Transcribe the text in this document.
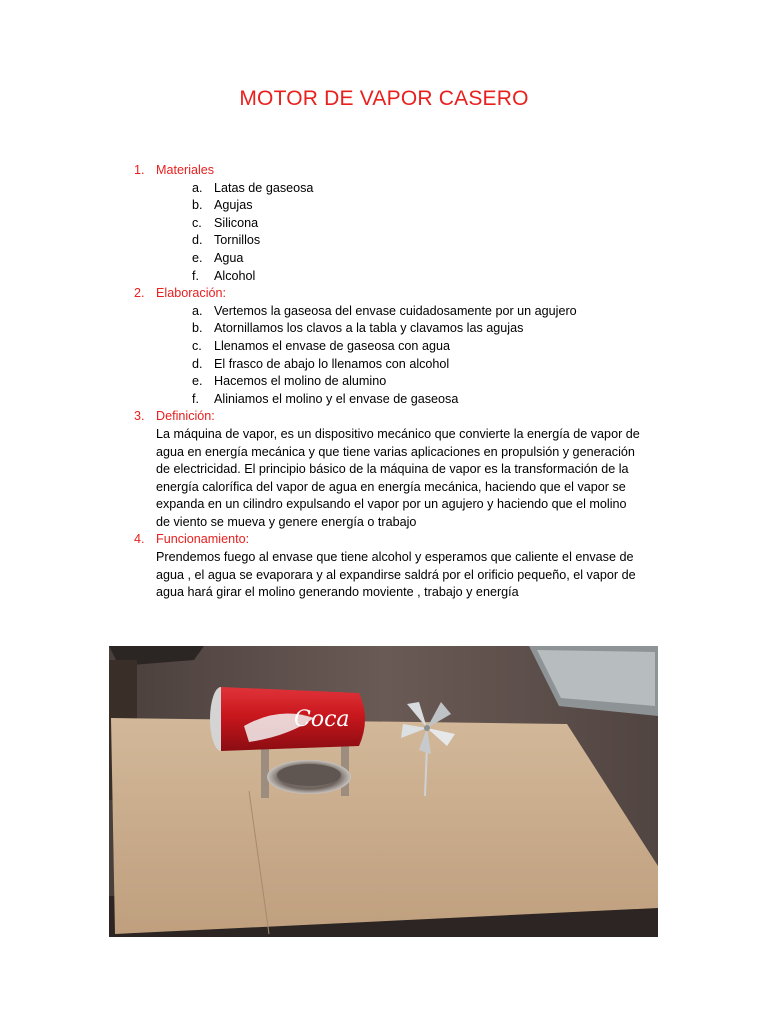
MOTOR DE VAPOR CASERO
1. Materiales
a. Latas de gaseosa
b. Agujas
c. Silicona
d. Tornillos
e. Agua
f.	Alcohol
2. Elaboración:
a. Vertemos la gaseosa del envase cuidadosamente por un agujero
b. Atornillamos los clavos a la tabla y clavamos las agujas
c. Llenamos el envase de gaseosa con agua
d. El frasco de abajo lo llenamos con alcohol
e. Hacemos el molino de alumino
f.	Aliniamos el molino y el envase de gaseosa
3. Definición:
La máquina de vapor, es un dispositivo mecánico que convierte la energía de vapor de
agua en energía mecánica y que tiene varias aplicaciones en propulsión y generación
de electricidad. El principio básico de la máquina de vapor es la transformación de la
energía calorífica del vapor de agua en energía mecánica, haciendo que el vapor se
expanda en un cilindro expulsando el vapor por un agujero y haciendo que el molino
de viento se mueva y genere energía o trabajo
4. Funcionamiento:
Prendemos fuego al envase que tiene alcohol y esperamos que caliente el envase de
agua , el agua se evaporara y al expandirse saldrá por el orificio pequeño, el vapor de
agua hará girar el molino generando moviente , trabajo y energía
Coca
